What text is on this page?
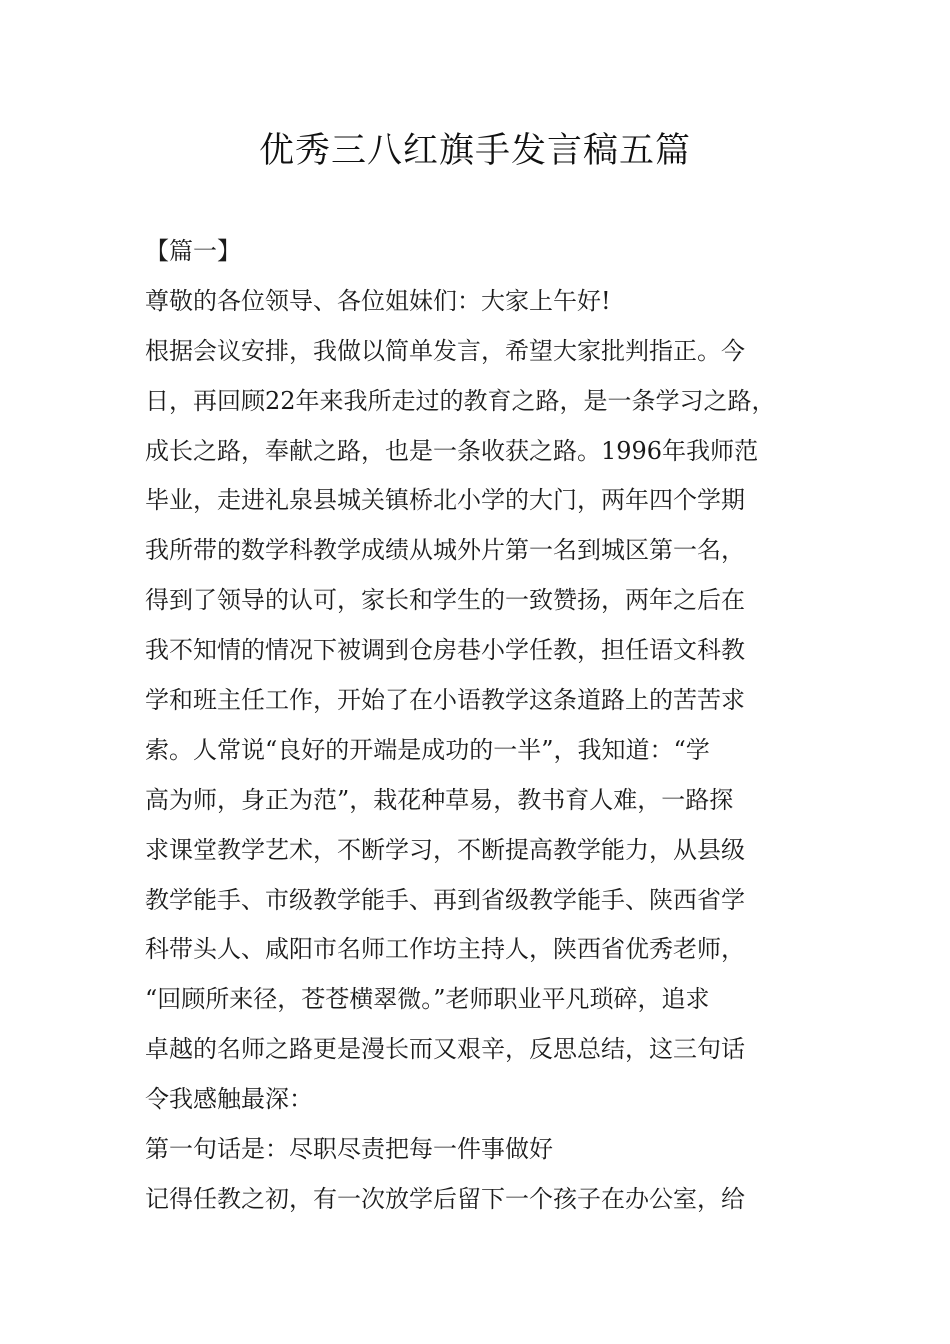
优秀三八红旗手发言稿五篇
【篇一】
尊敬的各位领导、各位姐妹们：大家上午好!
根据会议安排，我做以简单发言，希望大家批判指正。今
日，再回顾22年来我所走过的教育之路，是一条学习之路，
成长之路，奉献之路，也是一条收获之路。1996年我师范
毕业，走进礼泉县城关镇桥北小学的大门，两年四个学期
我所带的数学科教学成绩从城外片第一名到城区第一名，
得到了领导的认可，家长和学生的一致赞扬，两年之后在
我不知情的情况下被调到仓房巷小学任教，担任语文科教
学和班主任工作，开始了在小语教学这条道路上的苦苦求
索。人常说“良好的开端是成功的一半”，我知道：“学
高为师，身正为范”，栽花种草易，教书育人难，一路探
求课堂教学艺术，不断学习，不断提高教学能力，从县级
教学能手、市级教学能手、再到省级教学能手、陕西省学
科带头人、咸阳市名师工作坊主持人，陕西省优秀老师，
“回顾所来径，苍苍横翠微。”老师职业平凡琐碎，追求
卓越的名师之路更是漫长而又艰辛，反思总结，这三句话
令我感触最深：
第一句话是：尽职尽责把每一件事做好
记得任教之初，有一次放学后留下一个孩子在办公室，给
